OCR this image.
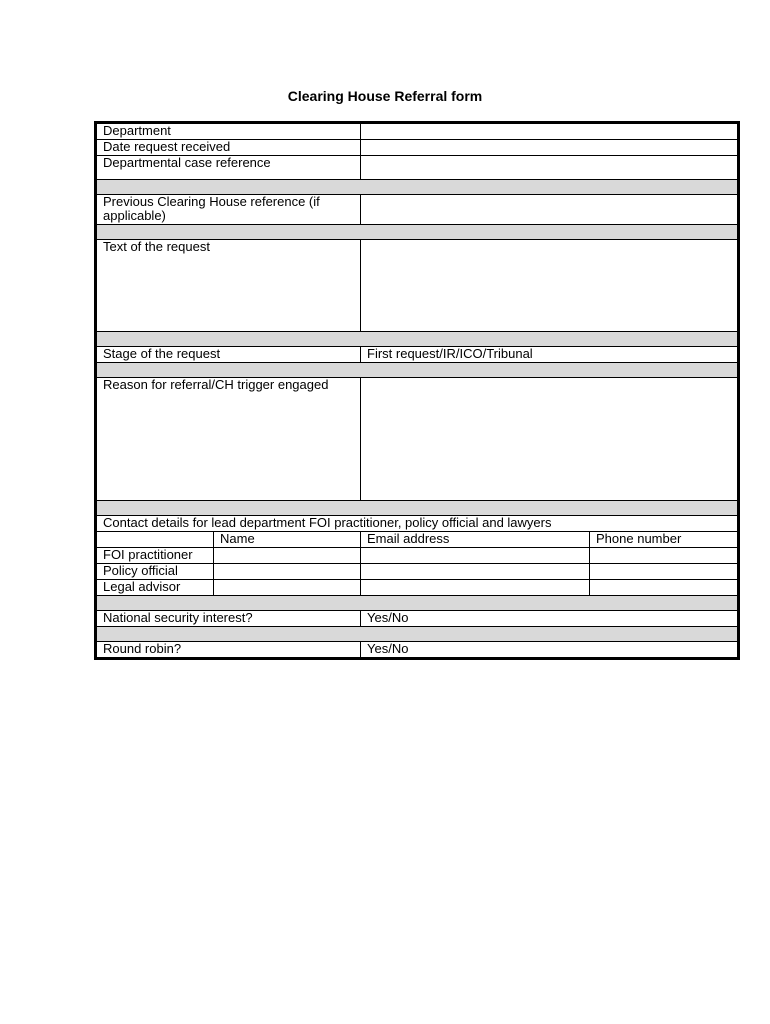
Clearing House Referral form
Department			
Date request received			
Departmental case reference			

Previous Clearing House reference (if applicable)			

Text of the request			

Stage of the request		First request/IR/ICO/Tribunal	

Reason for referral/CH trigger engaged			

Contact details for lead department FOI practitioner, policy official and lawyers			
	Name	Email address	Phone number
FOI practitioner			
Policy official			
Legal advisor			

National security interest?		Yes/No	

Round robin?		Yes/No	
